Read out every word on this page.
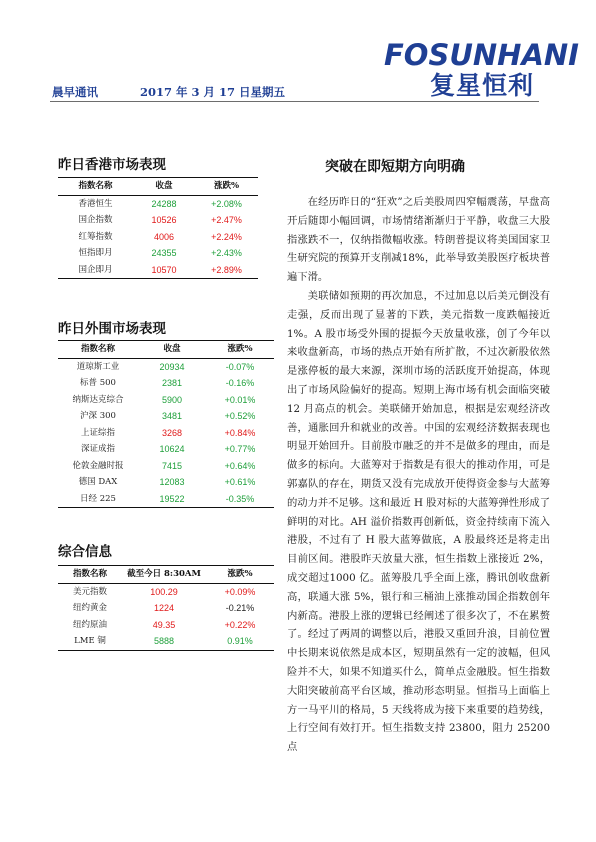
FOSUNHANI
复星恒利
晨早通讯	2017 年 3 月 17 日星期五
昨日香港市场表现
指数名称	收盘	涨跌%
香港恒生	24288	+2.08%
国企指数	10526	+2.47%
红筹指数	4006	+2.24%
恒指即月	24355	+2.43%
国企即月	10570	+2.89%
昨日外围市场表现
指数名称	收盘	涨跌%
道琼斯工业	20934	-0.07%
标普 500	2381	-0.16%
纳斯达克综合	5900	+0.01%
沪深 300	3481	+0.52%
上证综指	3268	+0.84%
深证成指	10624	+0.77%
伦敦金融时报	7415	+0.64%
德国 DAX	12083	+0.61%
日经 225	19522	-0.35%
综合信息
指数名称	截至今日 8:30AM	涨跌%
美元指数	100.29	+0.09%
纽约黄金	1224	-0.21%
纽约原油	49.35	+0.22%
LME 铜	5888	0.91%
突破在即短期方向明确

在经历昨日的“狂欢”之后美股周四窄幅震荡，早盘高开后随即小幅回调，市场情绪渐渐归于平静，收盘三大股指涨跌不一，仅纳指微幅收涨。特朗普提议将美国国家卫生研究院的预算开支削减18%，此举导致美股医疗板块普遍下滑。

美联储如预期的再次加息，不过加息以后美元倒没有走强，反而出现了显著的下跌，美元指数一度跌幅接近1%。A 股市场受外围的提振今天放量收涨，创了今年以来收盘新高，市场的热点开始有所扩散，不过次新股依然是涨停板的最大来源，深圳市场的活跃度开始提高，体现出了市场风险偏好的提高。短期上海市场有机会面临突破 12 月高点的机会。美联储开始加息，根据是宏观经济改善，通胀回升和就业的改善。中国的宏观经济数据表现也明显开始回升。目前股市融乏的并不是做多的理由，而是做多的标向。大蓝筹对于指数是有很大的推动作用，可是郭嘉队的存在，期货又没有完成放开使得资金参与大蓝筹的动力并不足够。这和最近 H 股对标的大蓝筹弹性形成了鲜明的对比。AH 溢价指数再创新低，资金持续南下流入港股，不过有了 H 股大蓝筹做底，A 股最终还是将走出目前区间。港股昨天放量大涨，恒生指数上涨接近 2%，成交超过1000 亿。蓝筹股几乎全面上涨，腾讯创收盘新高，联通大涨 5%，银行和三桶油上涨推动国企指数创年内新高。港股上涨的逻辑已经阐述了很多次了，不在累赘了。经过了两周的调整以后，港股又重回升浪，目前位置中长期来说依然是成本区，短期虽然有一定的波幅，但风险并不大，如果不知道买什么，简单点金融股。恒生指数大阳突破前高平台区域，推动形态明显。恒指马上面临上方一马平川的格局，5 天线将成为接下来重要的趋势线，上行空间有效打开。恒生指数支持 23800，阻力 25200 点
